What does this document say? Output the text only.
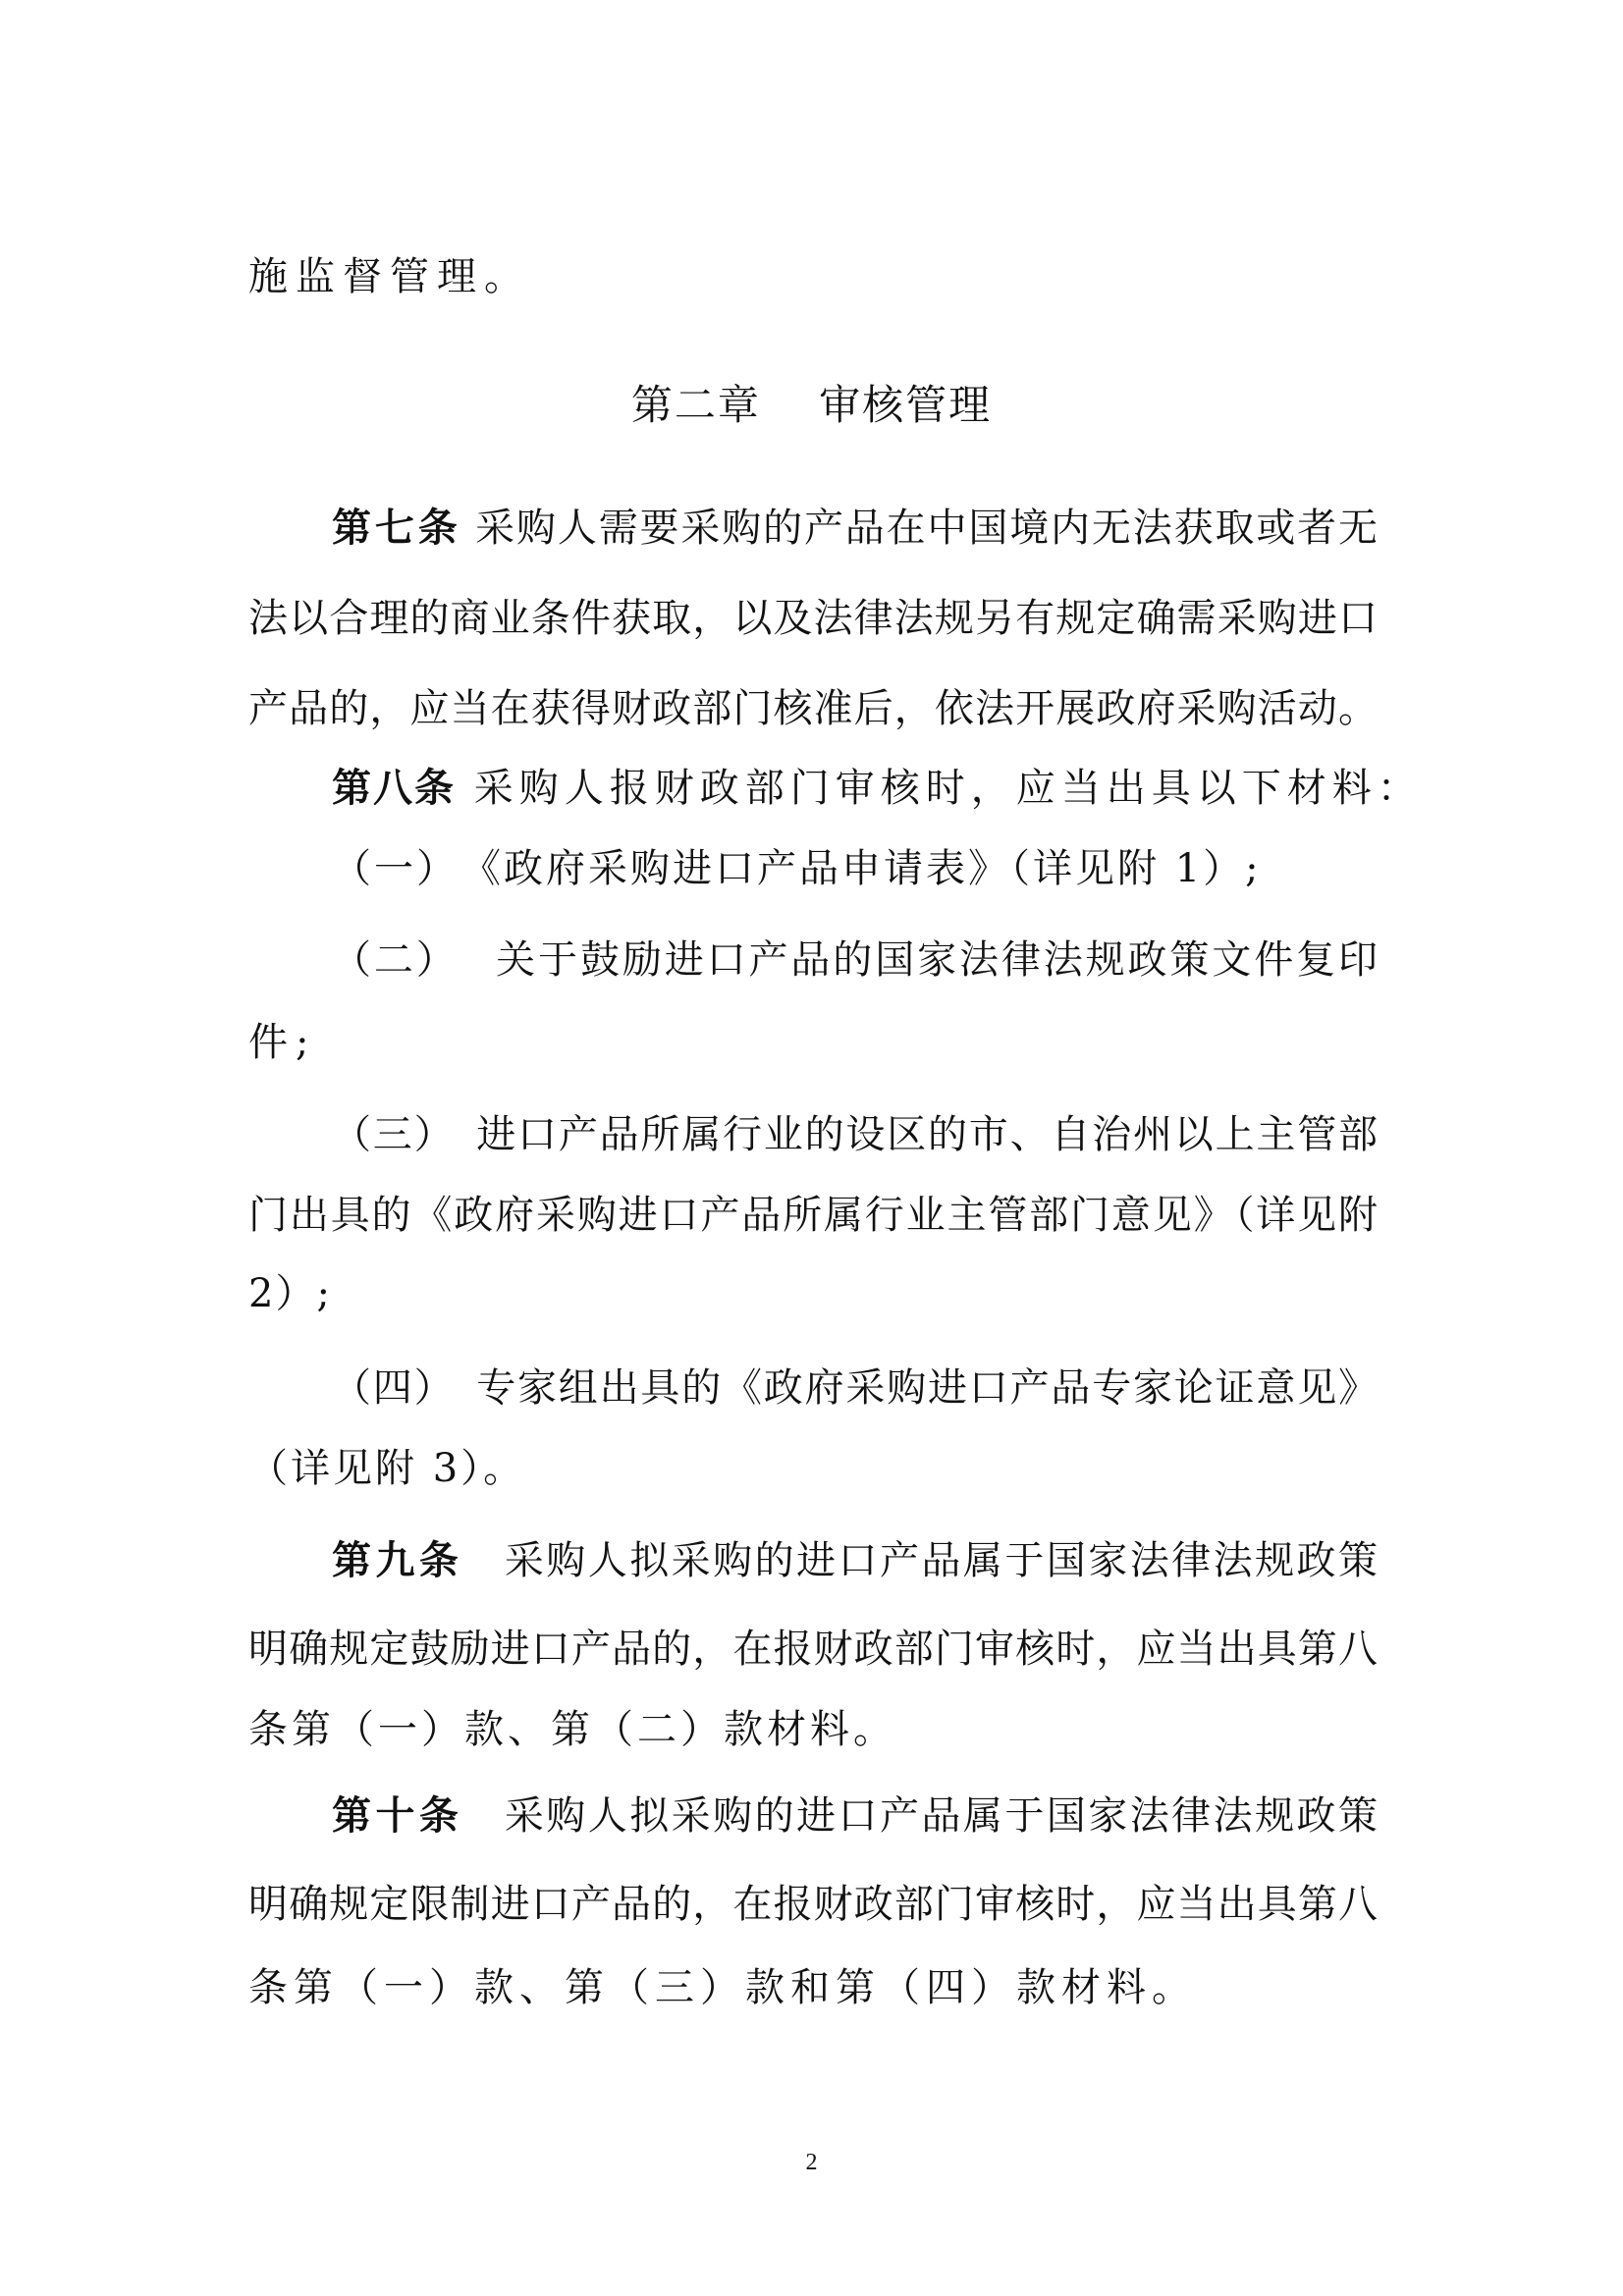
施监督管理。
第二章　 审核管理
第七条 采购人需要采购的产品在中国境内无法获取或者无
法以合理的商业条件获取，以及法律法规另有规定确需采购进口
产品的，应当在获得财政部门核准后，依法开展政府采购活动。
第八条 采购人报财政部门审核时，应当出具以下材料：
（一）　《政府采购进口产品申请表》（详见附 1）;
（二）　 关于鼓励进口产品的国家法律法规政策文件复印
件;
（三）　进口产品所属行业的设区的市、自治州以上主管部
门出具的《政府采购进口产品所属行业主管部门意见》（详见附
2）;
（四）　专家组出具的《政府采购进口产品专家论证意见》
（详见附 3）。
第九条　 采购人拟采购的进口产品属于国家法律法规政策
明确规定鼓励进口产品的，在报财政部门审核时，应当出具第八
条第（一）款、第（二）款材料。
第十条　 采购人拟采购的进口产品属于国家法律法规政策
明确规定限制进口产品的，在报财政部门审核时，应当出具第八
条第（一）款、第（三）款和第（四）款材料。
2
